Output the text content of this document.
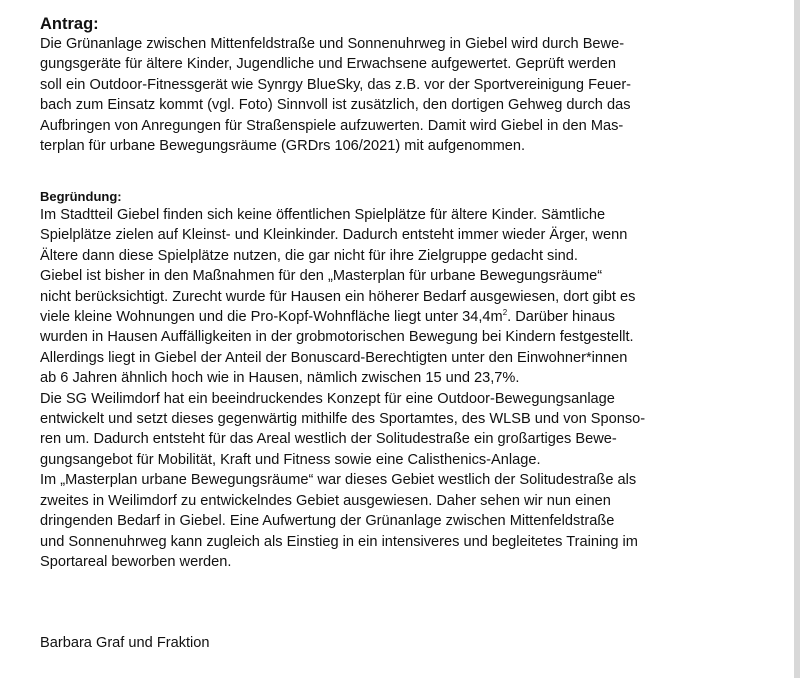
Antrag:
Die Grünanlage zwischen Mittenfeldstraße und Sonnenuhrweg in Giebel wird durch Bewe-
gungsgeräte für ältere Kinder, Jugendliche und Erwachsene aufgewertet. Geprüft werden
soll ein Outdoor-Fitnessgerät wie Synrgy BlueSky, das z.B. vor der Sportvereinigung Feuer-
bach zum Einsatz kommt (vgl. Foto) Sinnvoll ist zusätzlich, den dortigen Gehweg durch das
Aufbringen von Anregungen für Straßenspiele aufzuwerten. Damit wird Giebel in den Mas-
terplan für urbane Bewegungsräume (GRDrs 106/2021) mit aufgenommen.
Begründung:
Im Stadtteil Giebel finden sich keine öffentlichen Spielplätze für ältere Kinder. Sämtliche
Spielplätze zielen auf Kleinst- und Kleinkinder. Dadurch entsteht immer wieder Ärger, wenn
Ältere dann diese Spielplätze nutzen, die gar nicht für ihre Zielgruppe gedacht sind.
Giebel ist bisher in den Maßnahmen für den „Masterplan für urbane Bewegungsräume“
nicht berücksichtigt. Zurecht wurde für Hausen ein höherer Bedarf ausgewiesen, dort gibt es
viele kleine Wohnungen und die Pro-Kopf-Wohnfläche liegt unter $34,4m^2$. Darüber hinaus
wurden in Hausen Auffälligkeiten in der grobmotorischen Bewegung bei Kindern festgestellt.
Allerdings liegt in Giebel der Anteil der Bonuscard-Berechtigten unter den Einwohner*innen
ab 6 Jahren ähnlich hoch wie in Hausen, nämlich zwischen 15 und 23,7%.
Die SG Weilimdorf hat ein beeindruckendes Konzept für eine Outdoor-Bewegungsanlage
entwickelt und setzt dieses gegenwärtig mithilfe des Sportamtes, des WLSB und von Sponso-
ren um. Dadurch entsteht für das Areal westlich der Solitudestraße ein großartiges Bewe-
gungsangebot für Mobilität, Kraft und Fitness sowie eine Calisthenics-Anlage.
Im „Masterplan urbane Bewegungsräume“ war dieses Gebiet westlich der Solitudestraße als
zweites in Weilimdorf zu entwickelndes Gebiet ausgewiesen. Daher sehen wir nun einen
dringenden Bedarf in Giebel. Eine Aufwertung der Grünanlage zwischen Mittenfeldstraße
und Sonnenuhrweg kann zugleich als Einstieg in ein intensiveres und begleitetes Training im
Sportareal beworben werden.

Barbara Graf und Fraktion
